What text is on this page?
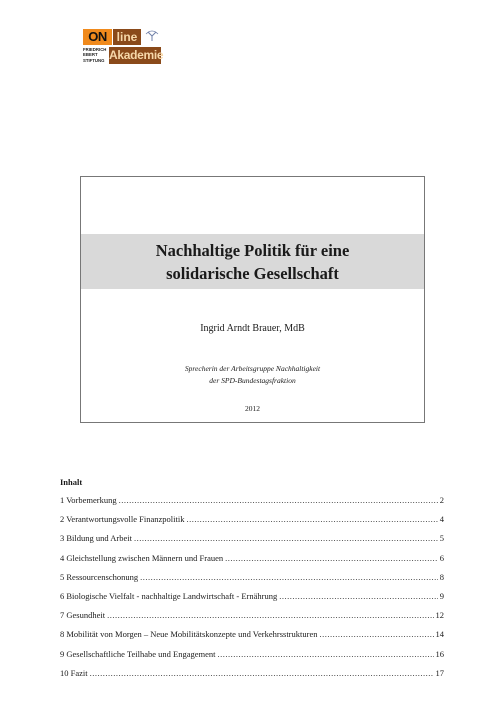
ON line
FRIEDRICH
EBERT
STIFTUNG Akademie
Nachhaltige Politik für eine
solidarische Gesellschaft
Ingrid Arndt Brauer, MdB
Sprecherin der Arbeitsgruppe Nachhaltigkeit
der SPD-Bundestagsfraktion
2012
Inhalt
1 Vorbemerkung .....	2
2 Verantwortungsvolle Finanzpolitik .....	4
3 Bildung und Arbeit .....	5
4 Gleichstellung zwischen Männern und Frauen .....	6
5 Ressourcenschonung .....	8
6 Biologische Vielfalt - nachhaltige Landwirtschaft - Ernährung .....	9
7 Gesundheit .....	12
8 Mobilität von Morgen – Neue Mobilitätskonzepte und Verkehrsstrukturen .....	14
9 Gesellschaftliche Teilhabe und Engagement .....	16
10 Fazit .....	17
